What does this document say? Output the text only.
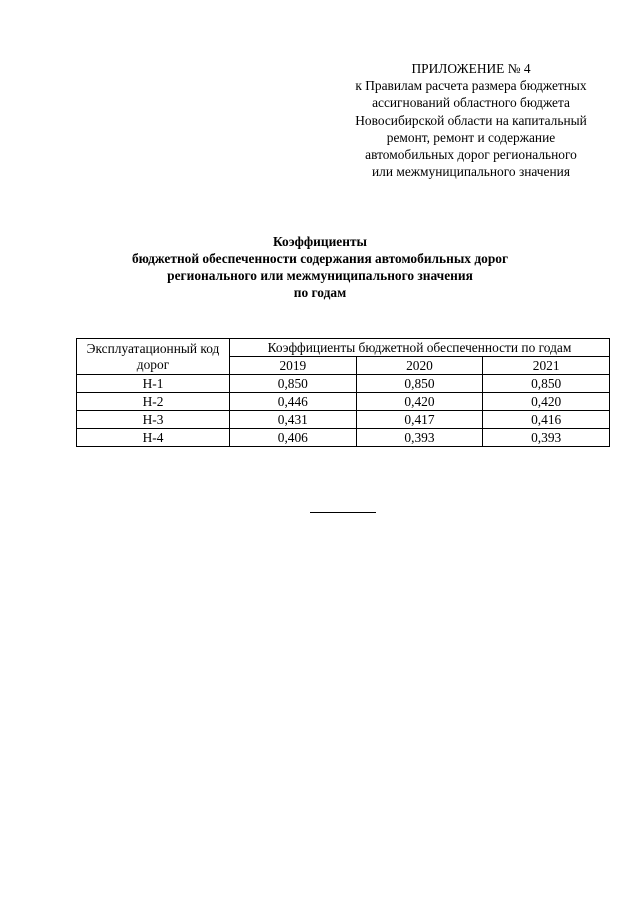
ПРИЛОЖЕНИЕ № 4
к Правилам расчета размера бюджетных
ассигнований областного бюджета
Новосибирской области на капитальный
ремонт, ремонт и содержание
автомобильных дорог регионального
или межмуниципального значения
Коэффициенты
бюджетной обеспеченности содержания автомобильных дорог
регионального или межмуниципального значения
по годам
Эксплуатационный код дорог	Коэффициенты бюджетной обеспеченности по годам		
	2019	2020	2021
Н-1	0,850	0,850	0,850
Н-2	0,446	0,420	0,420
Н-3	0,431	0,417	0,416
Н-4	0,406	0,393	0,393
